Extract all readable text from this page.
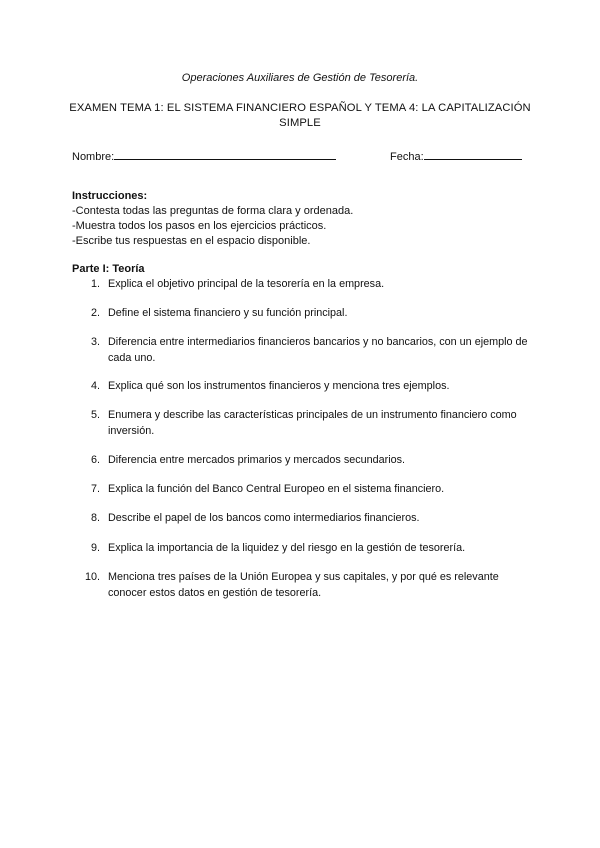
Operaciones Auxiliares de Gestión de Tesorería.
EXAMEN TEMA 1: EL SISTEMA FINANCIERO ESPAÑOL Y TEMA 4: LA CAPITALIZACIÓN SIMPLE
Nombre:	Fecha:
Instrucciones:
-Contesta todas las preguntas de forma clara y ordenada.
-Muestra todos los pasos en los ejercicios prácticos.
-Escribe tus respuestas en el espacio disponible.
Parte I: Teoría
1. Explica el objetivo principal de la tesorería en la empresa.
2. Define el sistema financiero y su función principal.
3. Diferencia entre intermediarios financieros bancarios y no bancarios, con un ejemplo de cada uno.
4. Explica qué son los instrumentos financieros y menciona tres ejemplos.
5. Enumera y describe las características principales de un instrumento financiero como inversión.
6. Diferencia entre mercados primarios y mercados secundarios.
7. Explica la función del Banco Central Europeo en el sistema financiero.
8. Describe el papel de los bancos como intermediarios financieros.
9. Explica la importancia de la liquidez y del riesgo en la gestión de tesorería.
10. Menciona tres países de la Unión Europea y sus capitales, y por qué es relevante conocer estos datos en gestión de tesorería.
